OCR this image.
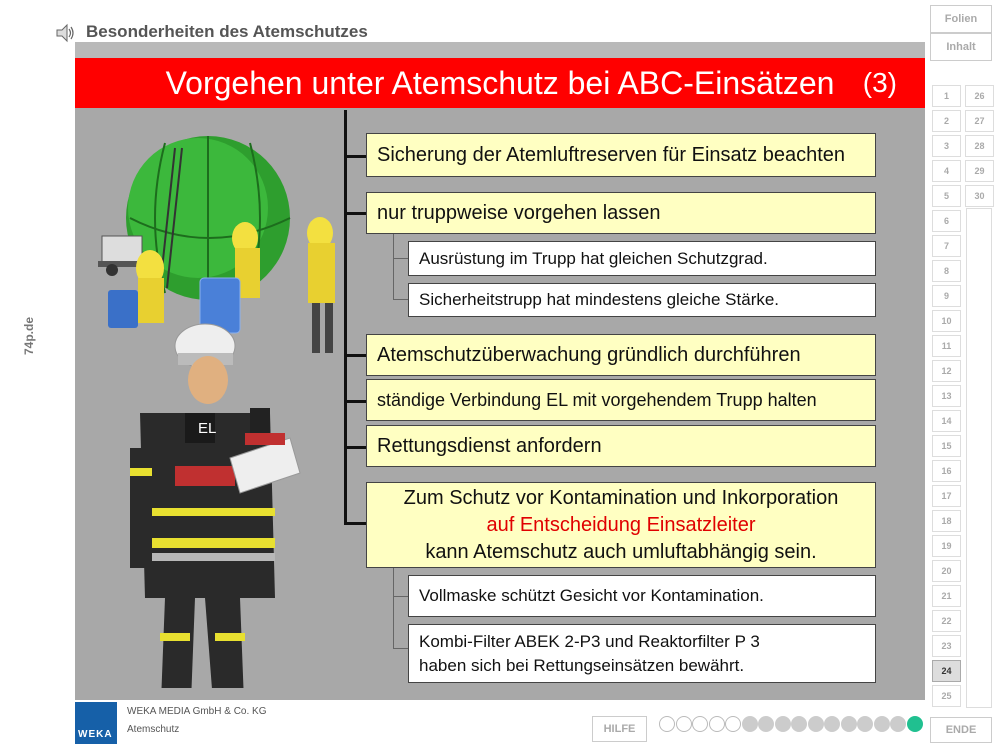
Besonderheiten des Atemschutzes
Vorgehen unter Atemschutz bei ABC-Einsätzen	(3)
74p.de
EL
Sicherung der Atemluftreserven für Einsatz beachten
nur truppweise vorgehen lassen
Ausrüstung im Trupp hat gleichen Schutzgrad.
Sicherheitstrupp hat mindestens gleiche Stärke.
Atemschutzüberwachung gründlich durchführen
ständige Verbindung EL mit vorgehendem Trupp halten
Rettungsdienst anfordern
Zum Schutz vor Kontamination und Inkorporation
auf Entscheidung Einsatzleiter
kann Atemschutz auch umluftabhängig sein.
Vollmaske schützt Gesicht vor Kontamination.
Kombi-Filter ABEK 2-P3 und Reaktorfilter P 3
haben sich bei Rettungseinsätzen bewährt.
Folien
Inhalt
1
2
3
4
5
6
7
8
9
10
11
12
13
14
15
16
17
18
19
20
21
22
23
24
25
26
27
28
29
30
ENDE
WEKA
WEKA MEDIA GmbH & Co. KG
Atemschutz	HILFE
